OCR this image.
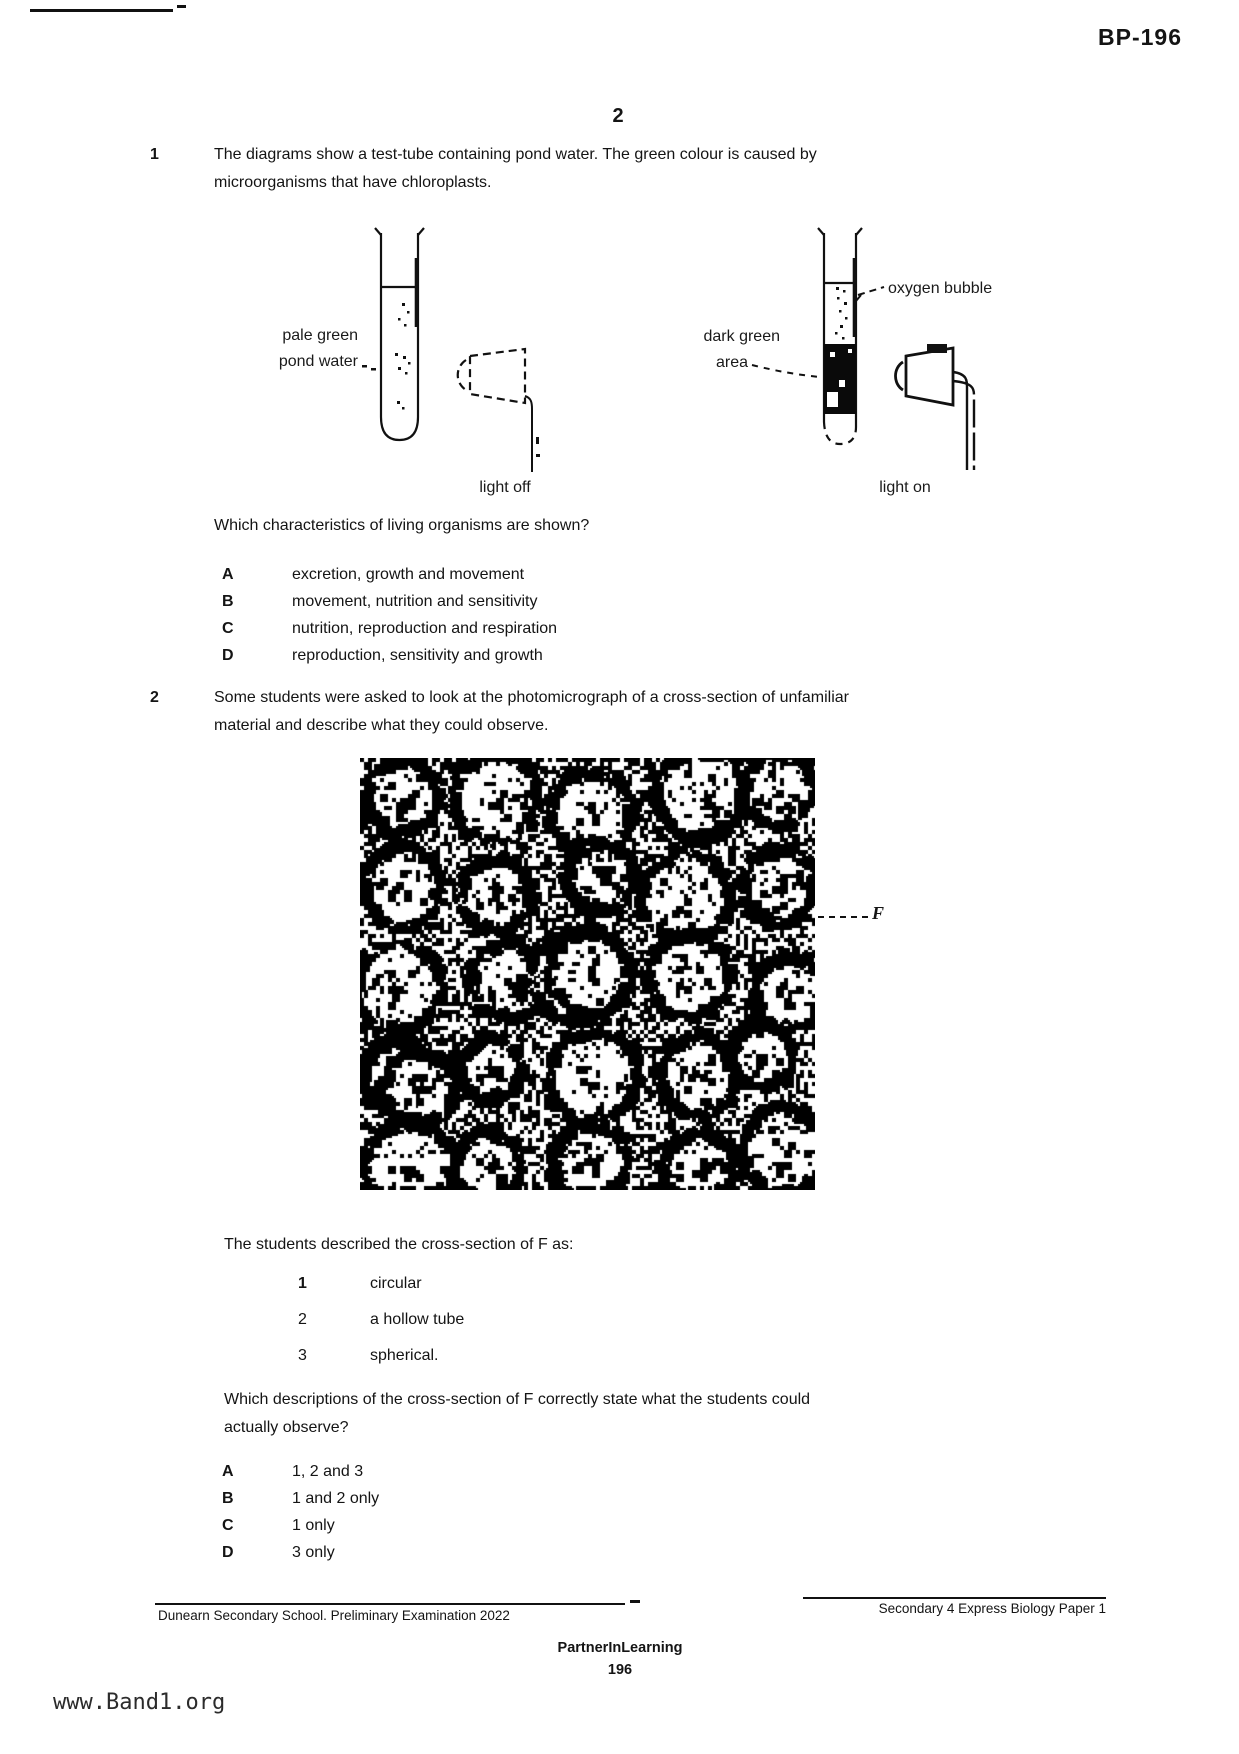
BP-196
2
1	The diagrams show a test-tube containing pond water. The green colour is caused by
microorganisms that have chloroplasts.
pale green
pond water
light off
dark green
area
oxygen bubble
light on
Which characteristics of living organisms are shown?
A	excretion, growth and movement
B	movement, nutrition and sensitivity
C	nutrition, reproduction and respiration
D	reproduction, sensitivity and growth
2	Some students were asked to look at the photomicrograph of a cross-section of unfamiliar
material and describe what they could observe.
F
The students described the cross-section of F as:
1	circular
2	a hollow tube
3	spherical.
Which descriptions of the cross-section of F correctly state what the students could
actually observe?
A	1, 2 and 3
B	1 and 2 only
C	1 only
D	3 only
Dunearn Secondary School. Preliminary Examination 2022	Secondary 4 Express Biology Paper 1
PartnerInLearning
196
www.Band1.org
